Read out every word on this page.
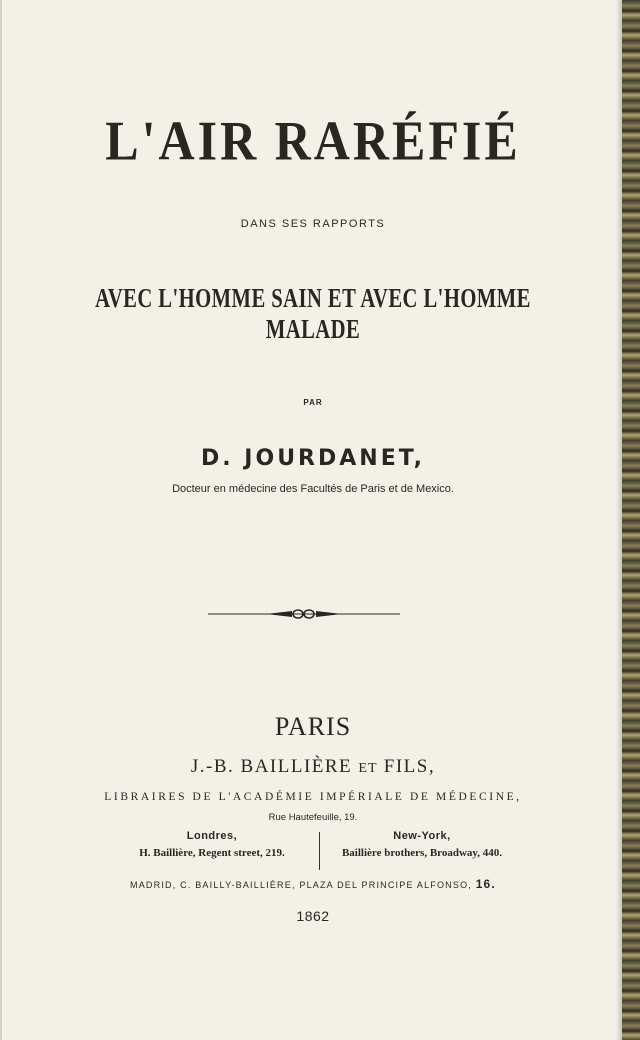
L'AIR RARÉFIÉ
DANS SES RAPPORTS
AVEC L'HOMME SAIN ET AVEC L'HOMME MALADE
PAR
D. JOURDANET,
Docteur en médecine des Facultés de Paris et de Mexico.
PARIS
J.-B. BAILLIÈRE ET FILS,
LIBRAIRES DE L'ACADÉMIE IMPÉRIALE DE MÉDECINE,
Rue Hautefeuille, 19.
Londres,
H. Baillière, Regent street, 219.
New-York,
Baillière brothers, Broadway, 440.
MADRID, C. BAILLY-BAILLIÈRE, PLAZA DEL PRINCIPE ALFONSO, 16.
1862
